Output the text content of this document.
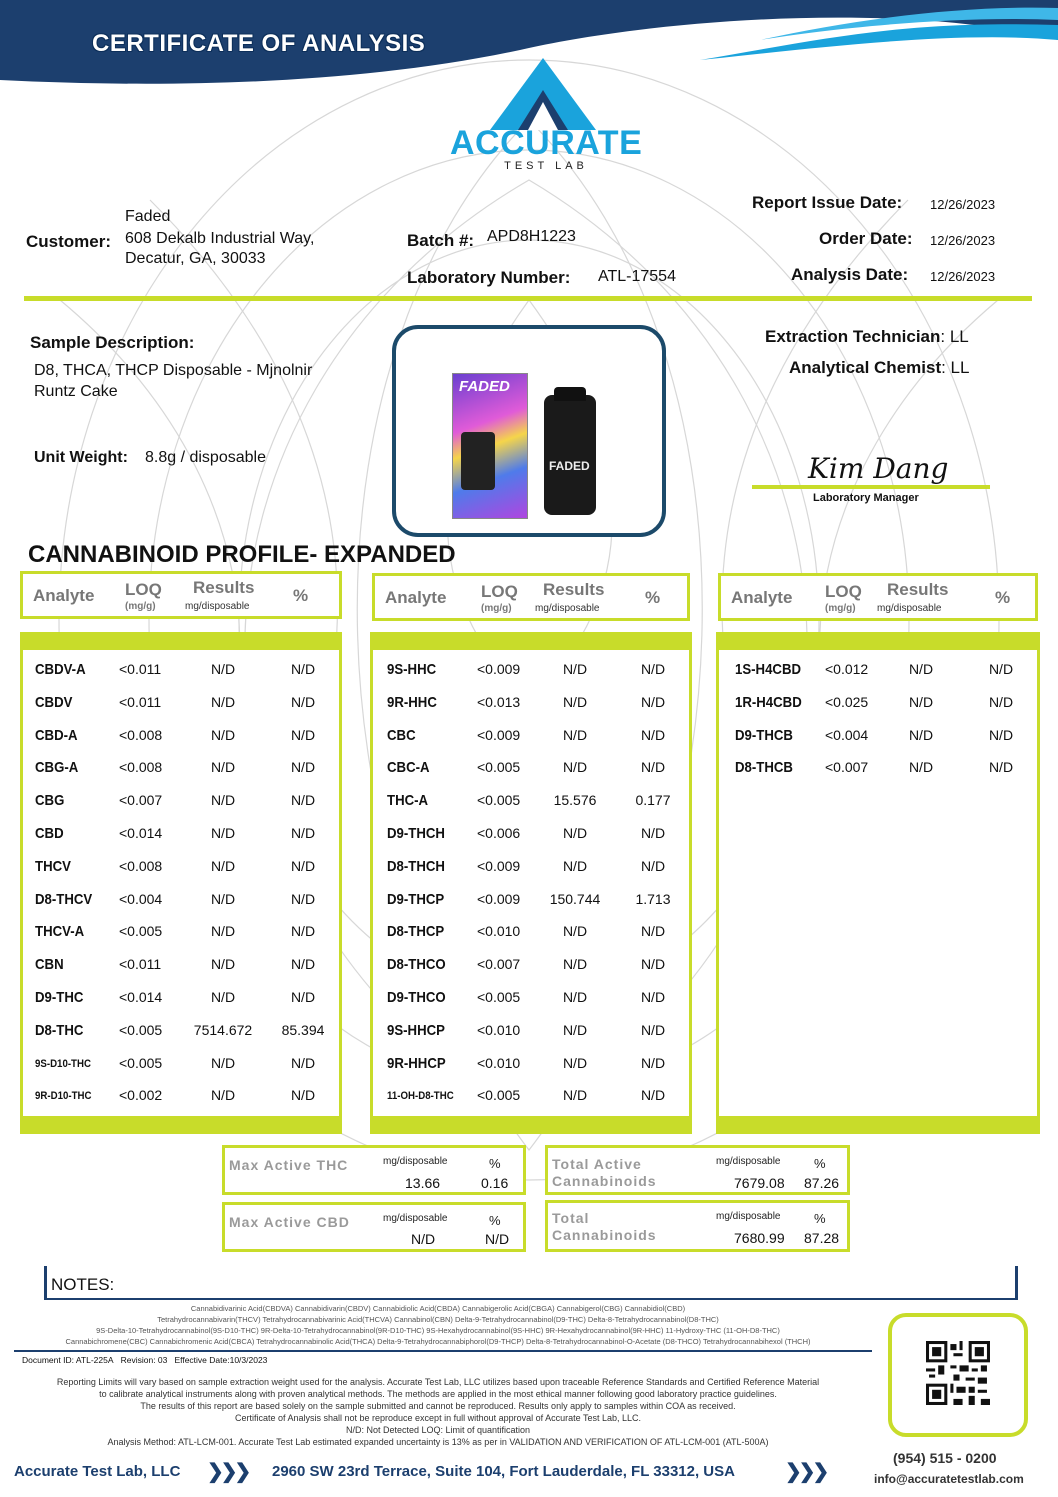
CERTIFICATE OF ANALYSIS
ACCURATE
TEST LAB
Customer:
Faded
608 Dekalb Industrial Way,
Decatur, GA, 30033
Batch #: APD8H1223
Laboratory Number: ATL-17554
Report Issue Date: 12/26/2023
Order Date: 12/26/2023
Analysis Date: 12/26/2023
Sample Description:
D8, THCA, THCP Disposable - Mjnolnir
Runtz Cake
Unit Weight: 8.8g / disposable
FADED
FADED
Extraction Technician: LL
Analytical Chemist: LL
Kim Dang
Laboratory Manager
CANNABINOID PROFILE- EXPANDED
Analyte LOQ
(mg/g)
Results
mg/disposable
%	Analyte LOQ
(mg/g)
Results
mg/disposable
%	Analyte LOQ
(mg/g)
Results
mg/disposable
%
CBDV-A <0.011	N/D	N/D
CBDV	<0.011	N/D	N/D
CBD-A	<0.008	N/D	N/D
CBG-A	<0.008	N/D	N/D
CBG	<0.007	N/D	N/D
CBD	<0.014	N/D	N/D
THCV	<0.008	N/D	N/D
D8-THCV <0.004	N/D	N/D
THCV-A <0.005	N/D	N/D
CBN	<0.011	N/D	N/D
D9-THC	<0.014	N/D	N/D
D8-THC	<0.005	7514.672	85.394
9S-D10-THC <0.005	N/D	N/D
9R-D10-THC <0.002	N/D	N/D
9S-HHC	<0.009	N/D	N/D
9R-HHC	<0.013	N/D	N/D
CBC	<0.009	N/D	N/D
CBC-A	<0.005	N/D	N/D
THC-A	<0.005	15.576	0.177
D9-THCH <0.006	N/D	N/D
D8-THCH <0.009	N/D	N/D
D9-THCP <0.009	150.744	1.713
D8-THCP <0.010	N/D	N/D
D8-THCO <0.007	N/D	N/D
D9-THCO <0.005	N/D	N/D
9S-HHCP <0.010	N/D	N/D
9R-HHCP <0.010	N/D	N/D
11-OH-D8-THC <0.005	N/D	N/D
1S-H4CBD <0.012	N/D	N/D
1R-H4CBD <0.025	N/D	N/D
D9-THCB <0.004	N/D	N/D
D8-THCB <0.007	N/D	N/D
Max Active THC	mg/disposable	%
13.66	0.16
Max Active CBD	mg/disposable	%
N/D	N/D
Total Active
Cannabinoids
mg/disposable	%
7679.08 87.26
Total
Cannabinoids
mg/disposable	%
7680.99 87.28
NOTES:
Cannabidivarinic Acid(CBDVA) Cannabidivarin(CBDV) Cannabidiolic Acid(CBDA) Cannabigerolic Acid(CBGA) Cannabigerol(CBG) Cannabidiol(CBD)
Tetrahydrocannabivarin(THCV) Tetrahydrocannabivarinic Acid(THCVA) Cannabinol(CBN) Delta-9-Tetrahydrocannabinol(D9-THC) Delta-8-Tetrahydrocannabinol(D8-THC)
9S-Delta-10-Tetrahydrocannabinol(9S-D10-THC) 9R-Delta-10-Tetrahydrocannabinol(9R-D10-THC) 9S-Hexahydrocannabinol(9S-HHC) 9R-Hexahydrocannabinol(9R-HHC) 11-Hydroxy-THC (11-OH-D8-THC)
Cannabichromene(CBC) Cannabichromenic Acid(CBCA) Tetrahydrocannabinolic Acid(THCA) Delta-9-Tetrahydrocannabiphorol(D9-THCP) Delta-8-Tetrahydrocannabinol-O-Acetate (D8-THCO) Tetrahydrocannabihexol (THCH)
Document ID: ATL-225A Revision: 03 Effective Date:10/3/2023
Reporting Limits will vary based on sample extraction weight used for the analysis. Accurate Test Lab, LLC utilizes based upon traceable Reference Standards and Certified Reference Material
to calibrate analytical instruments along with proven analytical methods. The methods are applied in the most ethical manner following good laboratory practice guidelines.
The results of this report are based solely on the sample submitted and cannot be reproduced. Results only apply to samples within COA as received.
Certificate of Analysis shall not be reproduce except in full without approval of Accurate Test Lab, LLC.
N/D: Not Detected LOQ: Limit of quantification
Analysis Method: ATL-LCM-001. Accurate Test Lab estimated expanded uncertainty is 13% as per in VALIDATION AND VERIFICATION OF ATL-LCM-001 (ATL-500A)
Accurate Test Lab, LLC ❯❯❯ 2960 SW 23rd Terrace, Suite 104, Fort Lauderdale, FL 33312, USA	❯❯❯
(954) 515 - 0200
info@accuratetestlab.com
